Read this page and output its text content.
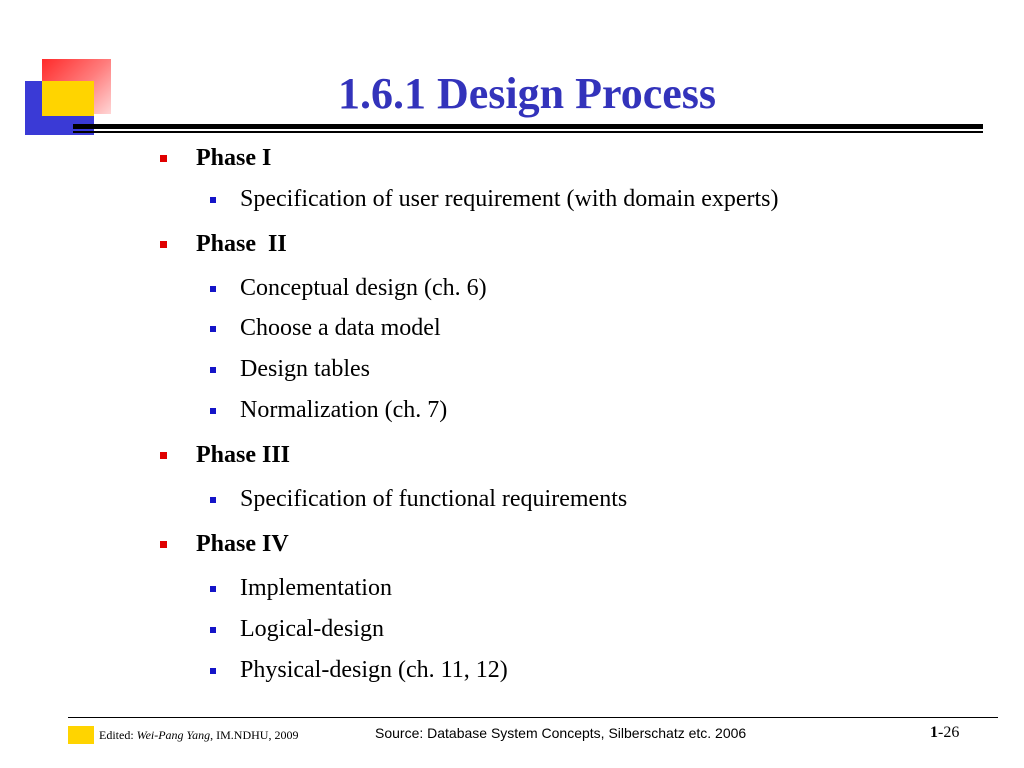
1.6.1 Design Process
Phase I
Specification of user requirement (with domain experts)
Phase  II
Conceptual design (ch. 6)
Choose a data model
Design tables
Normalization (ch. 7)
Phase III
Specification of functional requirements
Phase IV
Implementation
Logical-design
Physical-design (ch. 11, 12)
Edited: Wei-Pang Yang, IM.NDHU, 2009	Source: Database System Concepts, Silberschatz etc. 2006	1-26
